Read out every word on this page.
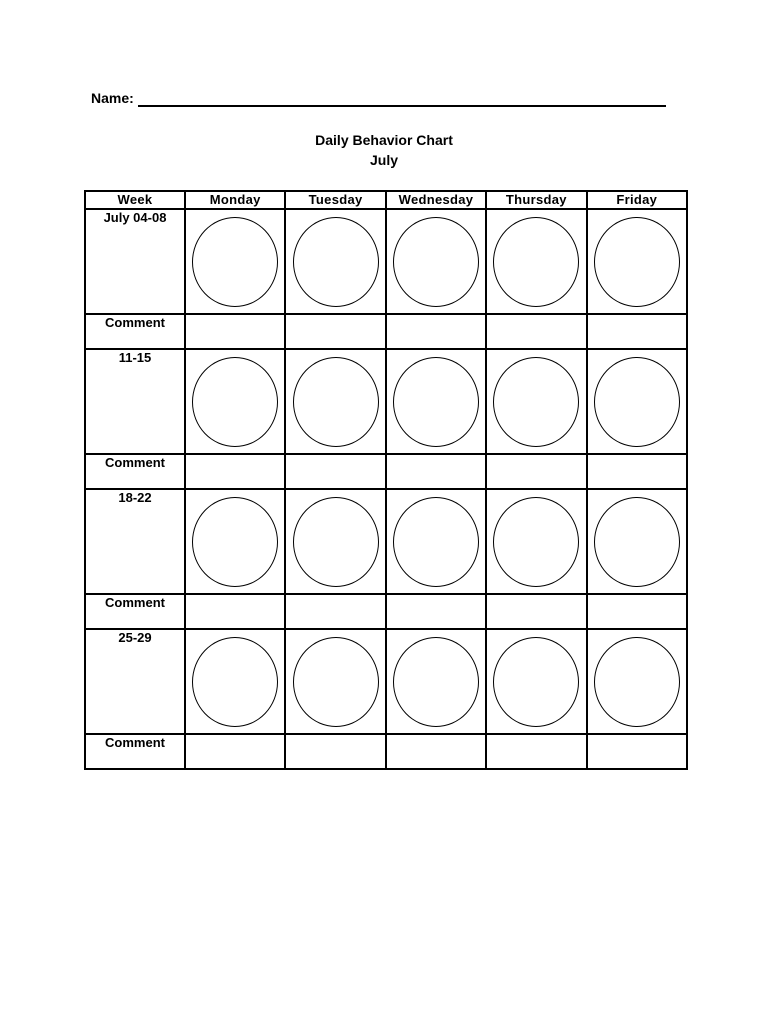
Name:
Daily Behavior Chart
July
Week	Monday	Tuesday	Wednesday	Thursday	Friday
July 04-08					
Comment					
11-15					
Comment					
18-22					
Comment					
25-29					
Comment					
